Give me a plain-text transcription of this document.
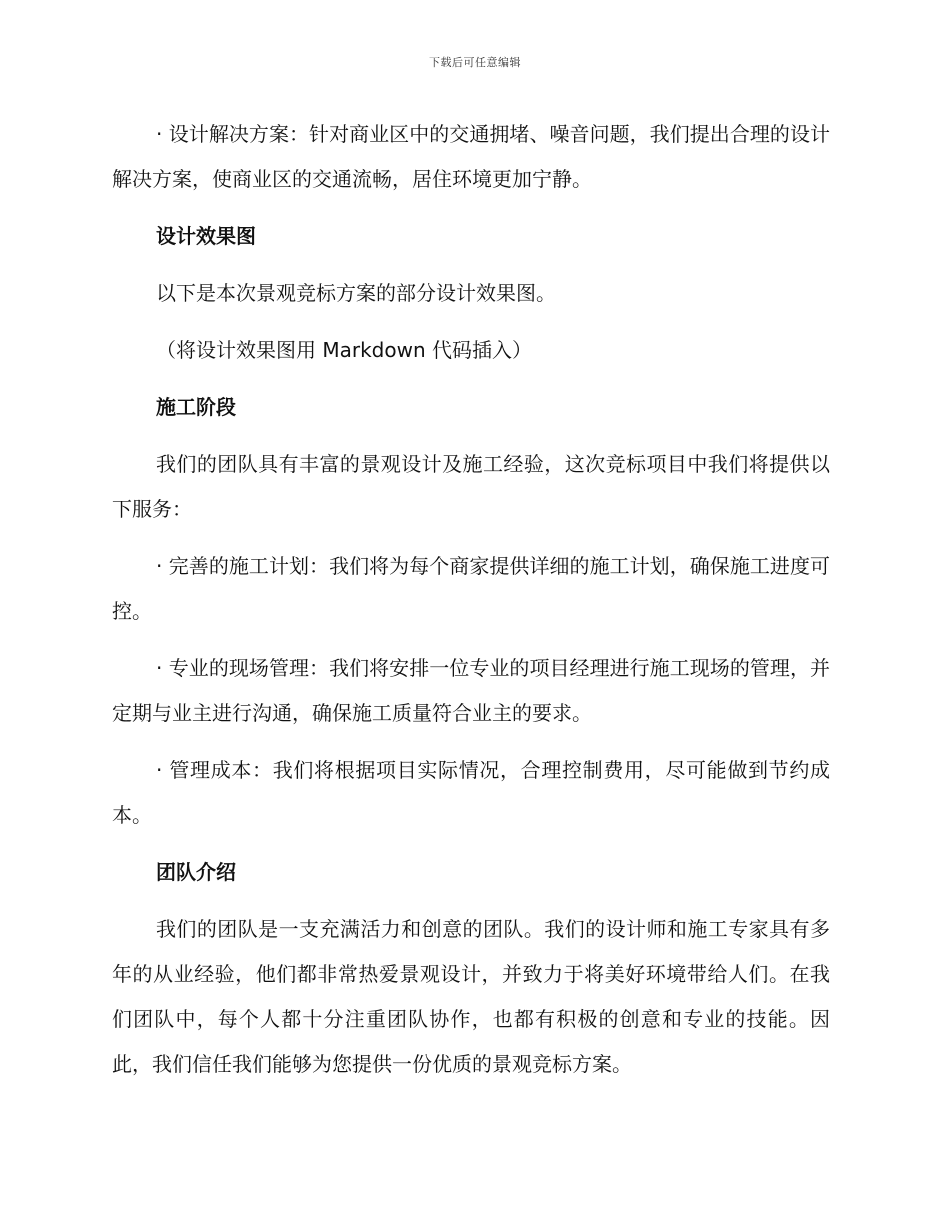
下载后可任意编辑

· 设计解决方案：针对商业区中的交通拥堵、噪音问题，我们提出合理的设计解决方案，使商业区的交通流畅，居住环境更加宁静。

设计效果图

以下是本次景观竞标方案的部分设计效果图。

（将设计效果图用 Markdown 代码插入）

施工阶段

我们的团队具有丰富的景观设计及施工经验，这次竞标项目中我们将提供以下服务：

· 完善的施工计划：我们将为每个商家提供详细的施工计划，确保施工进度可控。

· 专业的现场管理：我们将安排一位专业的项目经理进行施工现场的管理，并定期与业主进行沟通，确保施工质量符合业主的要求。

· 管理成本：我们将根据项目实际情况，合理控制费用，尽可能做到节约成本。

团队介绍

我们的团队是一支充满活力和创意的团队。我们的设计师和施工专家具有多年的从业经验，他们都非常热爱景观设计，并致力于将美好环境带给人们。在我们团队中，每个人都十分注重团队协作，也都有积极的创意和专业的技能。因此，我们信任我们能够为您提供一份优质的景观竞标方案。
